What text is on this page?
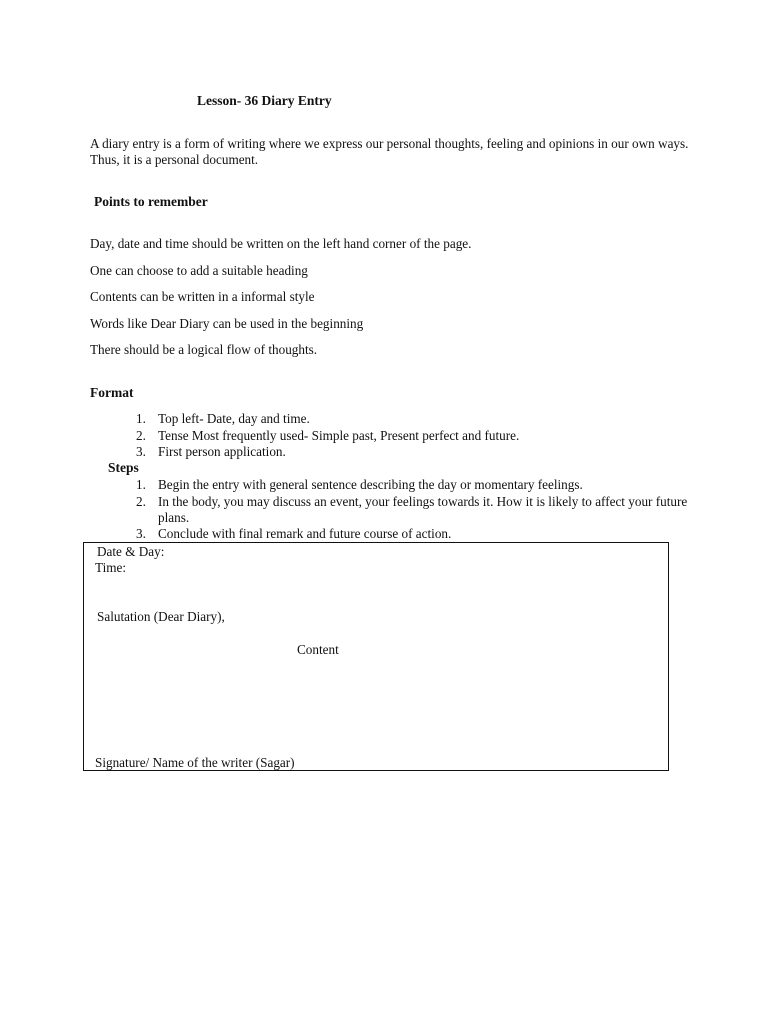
Lesson- 36 Diary Entry
A diary entry is a form of writing where we express our personal thoughts, feeling and opinions in our own ways. Thus, it is a personal document.
Points to remember
Day, date and time should be written on the left hand corner of the page.
One can choose to add a suitable heading
Contents can be written in a informal style
Words like Dear Diary can be used in the beginning
There should be a logical flow of thoughts.
Format
1. Top left- Date, day and time.
2. Tense Most frequently used- Simple past, Present perfect and future.
3. First person application.
Steps
1. Begin the entry with general sentence describing the day or momentary feelings.
2. In the body, you may discuss an event, your feelings towards it. How it is likely to affect your future plans.
3. Conclude with final remark and future course of action.
Date & Day:
Time:
Salutation (Dear Diary),
Content
Signature/ Name of the writer (Sagar)
